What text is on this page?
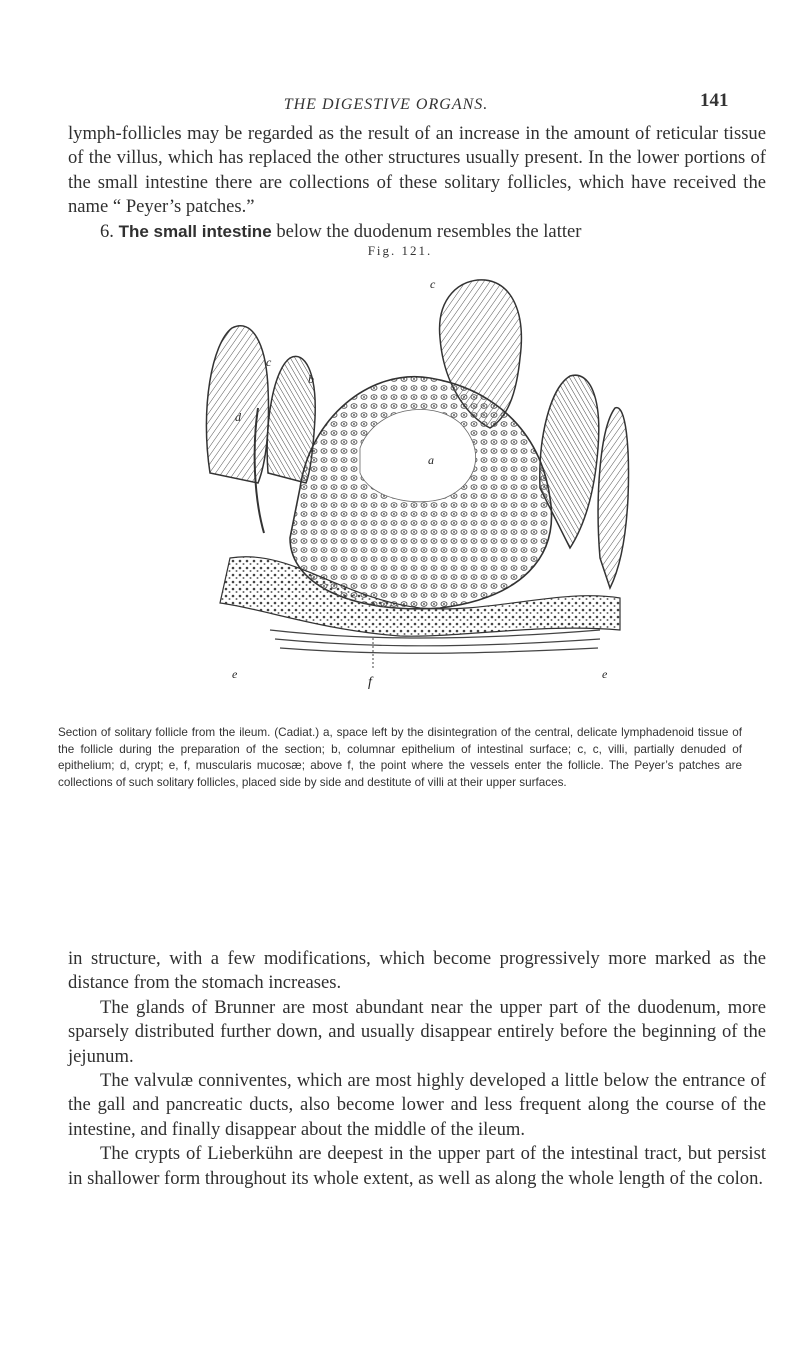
THE DIGESTIVE ORGANS.	141

lymph-follicles may be regarded as the result of an increase in the amount of reticular tissue of the villus, which has replaced the other structures usually present. In the lower portions of the small intestine there are collections of these solitary follicles, which have received the name “ Peyer’s patches.”

6. The small intestine below the duodenum resembles the latter

Fig. 121.
c
c
b
d
a
e	e
f

Section of solitary follicle from the ileum. (Cadiat.) a, space left by the disintegration of the central, delicate lymphadenoid tissue of the follicle during the preparation of the section; b, columnar epithelium of intestinal surface; c, c, villi, partially denuded of epithelium; d, crypt; e, f, muscularis mucosæ; above f, the point where the vessels enter the follicle. The Peyer’s patches are collections of such solitary follicles, placed side by side and destitute of villi at their upper surfaces.

in structure, with a few modifications, which become progressively more marked as the distance from the stomach increases.

The glands of Brunner are most abundant near the upper part of the duodenum, more sparsely distributed further down, and usually disappear entirely before the beginning of the jejunum.

The valvulæ conniventes, which are most highly developed a little below the entrance of the gall and pancreatic ducts, also become lower and less frequent along the course of the intestine, and finally disappear about the middle of the ileum.

The crypts of Lieberkühn are deepest in the upper part of the intestinal tract, but persist in shallower form throughout its whole extent, as well as along the whole length of the colon.
